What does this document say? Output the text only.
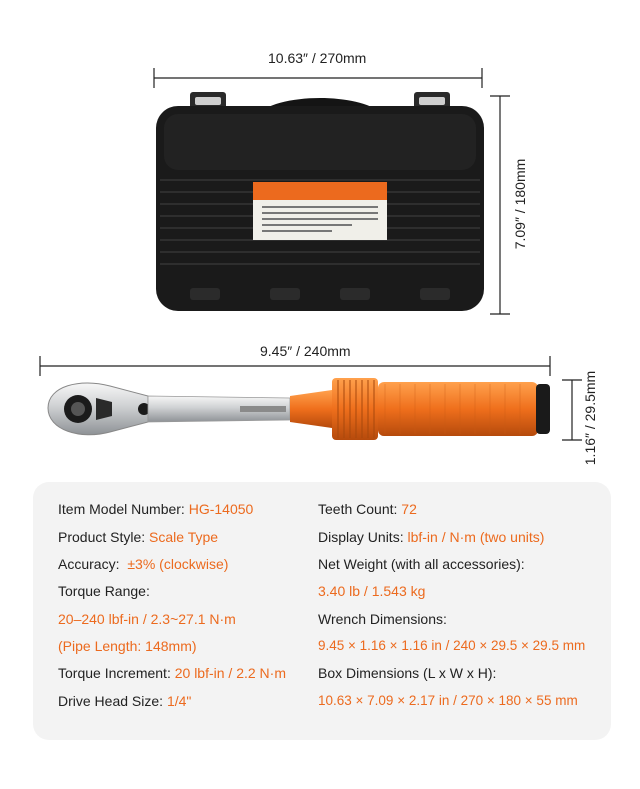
10.63″ / 270mm
7.09″ / 180mm
9.45″ / 240mm
1.16″ / 29.5mm
Item Model Number: HG-14050
Product Style: Scale Type
Accuracy: ±3% (clockwise)
Torque Range:
20–240 lbf-in / 2.3~27.1 N·m
(Pipe Length: 148mm)
Torque Increment: 20 lbf-in / 2.2 N·m
Drive Head Size: 1/4"
Teeth Count: 72
Display Units: lbf-in / N·m (two units)
Net Weight (with all accessories):
3.40 lb / 1.543 kg
Wrench Dimensions:
9.45 × 1.16 × 1.16 in / 240 × 29.5 × 29.5 mm
Box Dimensions (L x W x H):
10.63 × 7.09 × 2.17 in / 270 × 180 × 55 mm
